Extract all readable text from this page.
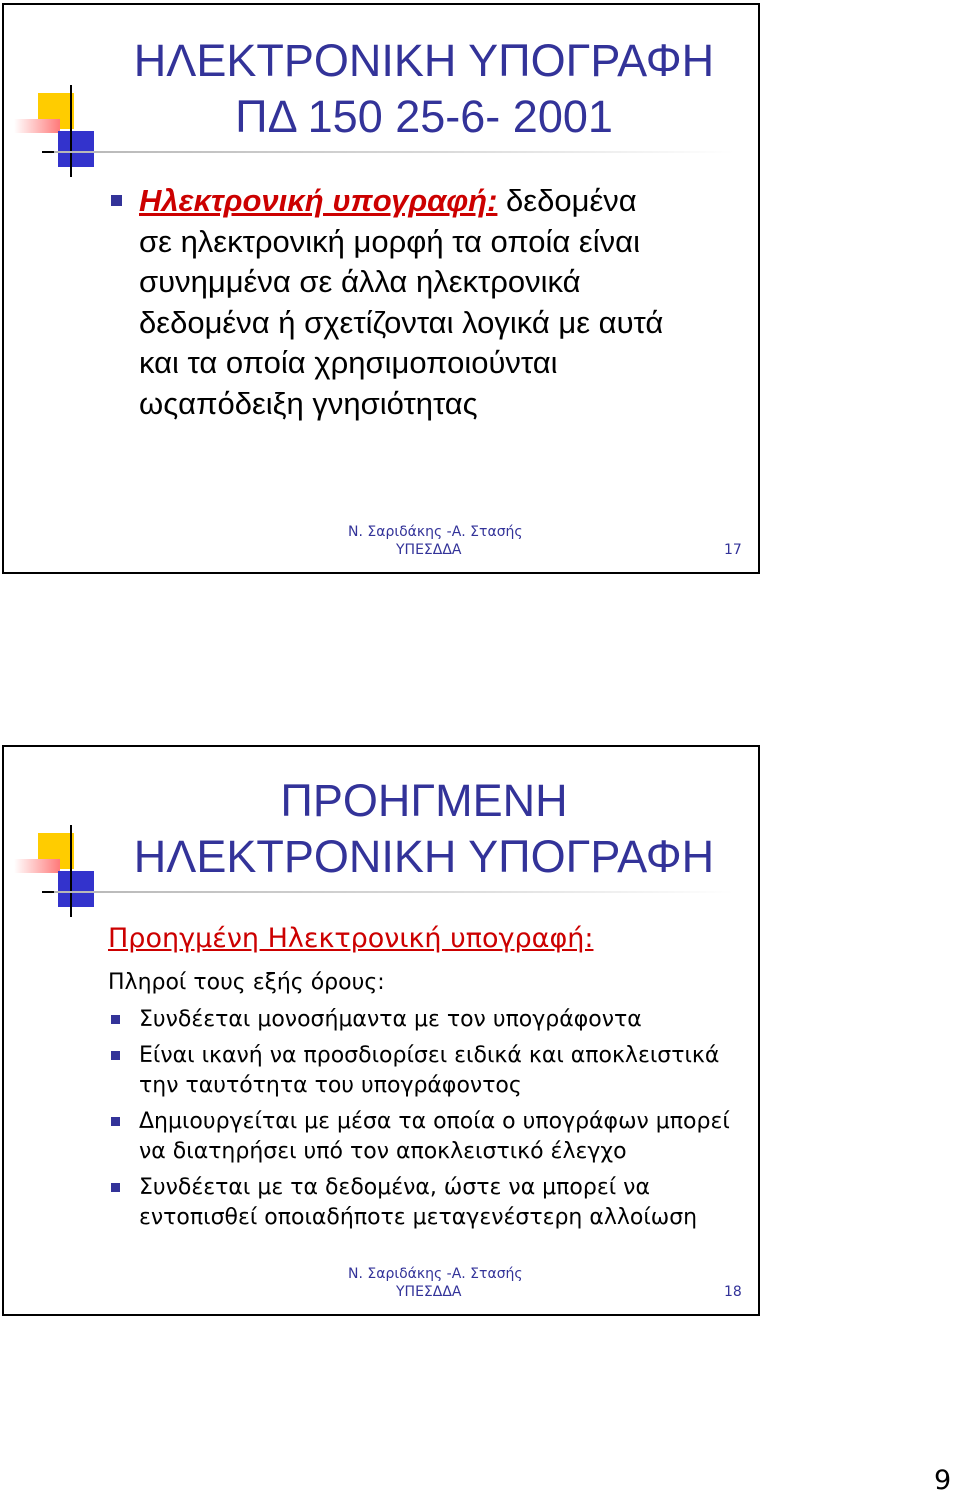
ΗΛΕΚΤΡΟΝΙΚΗ ΥΠΟΓΡΑΦΗ
ΠΔ 150 25-6- 2001
Ηλεκτρονική υπογραφή: δεδομένα
σε ηλεκτρονική μορφή τα οποία είναι
συνημμένα σε άλλα ηλεκτρονικά
δεδομένα ή σχετίζονται λογικά με αυτά
και τα οποία χρησιμοποιούνται
ωςαπόδειξη γνησιότητας
Ν. Σαριδάκης -Α. Στασής
ΥΠΕΣΔΔΑ	17
ΠΡΟΗΓΜΕΝΗ
ΗΛΕΚΤΡΟΝΙΚΗ ΥΠΟΓΡΑΦΗ
Προηγμένη Ηλεκτρονική υπογραφή:
Πληροί τους εξής όρους:
Συνδέεται μονοσήμαντα με τον υπογράφοντα
Είναι ικανή να προσδιορίσει ειδικά και αποκλειστικά
την ταυτότητα του υπογράφοντος
Δημιουργείται με μέσα τα οποία ο υπογράφων μπορεί
να διατηρήσει υπό τον αποκλειστικό έλεγχο
Συνδέεται με τα δεδομένα, ώστε να μπορεί να
εντοπισθεί οποιαδήποτε μεταγενέστερη αλλοίωση
Ν. Σαριδάκης -Α. Στασής
ΥΠΕΣΔΔΑ	18
9
